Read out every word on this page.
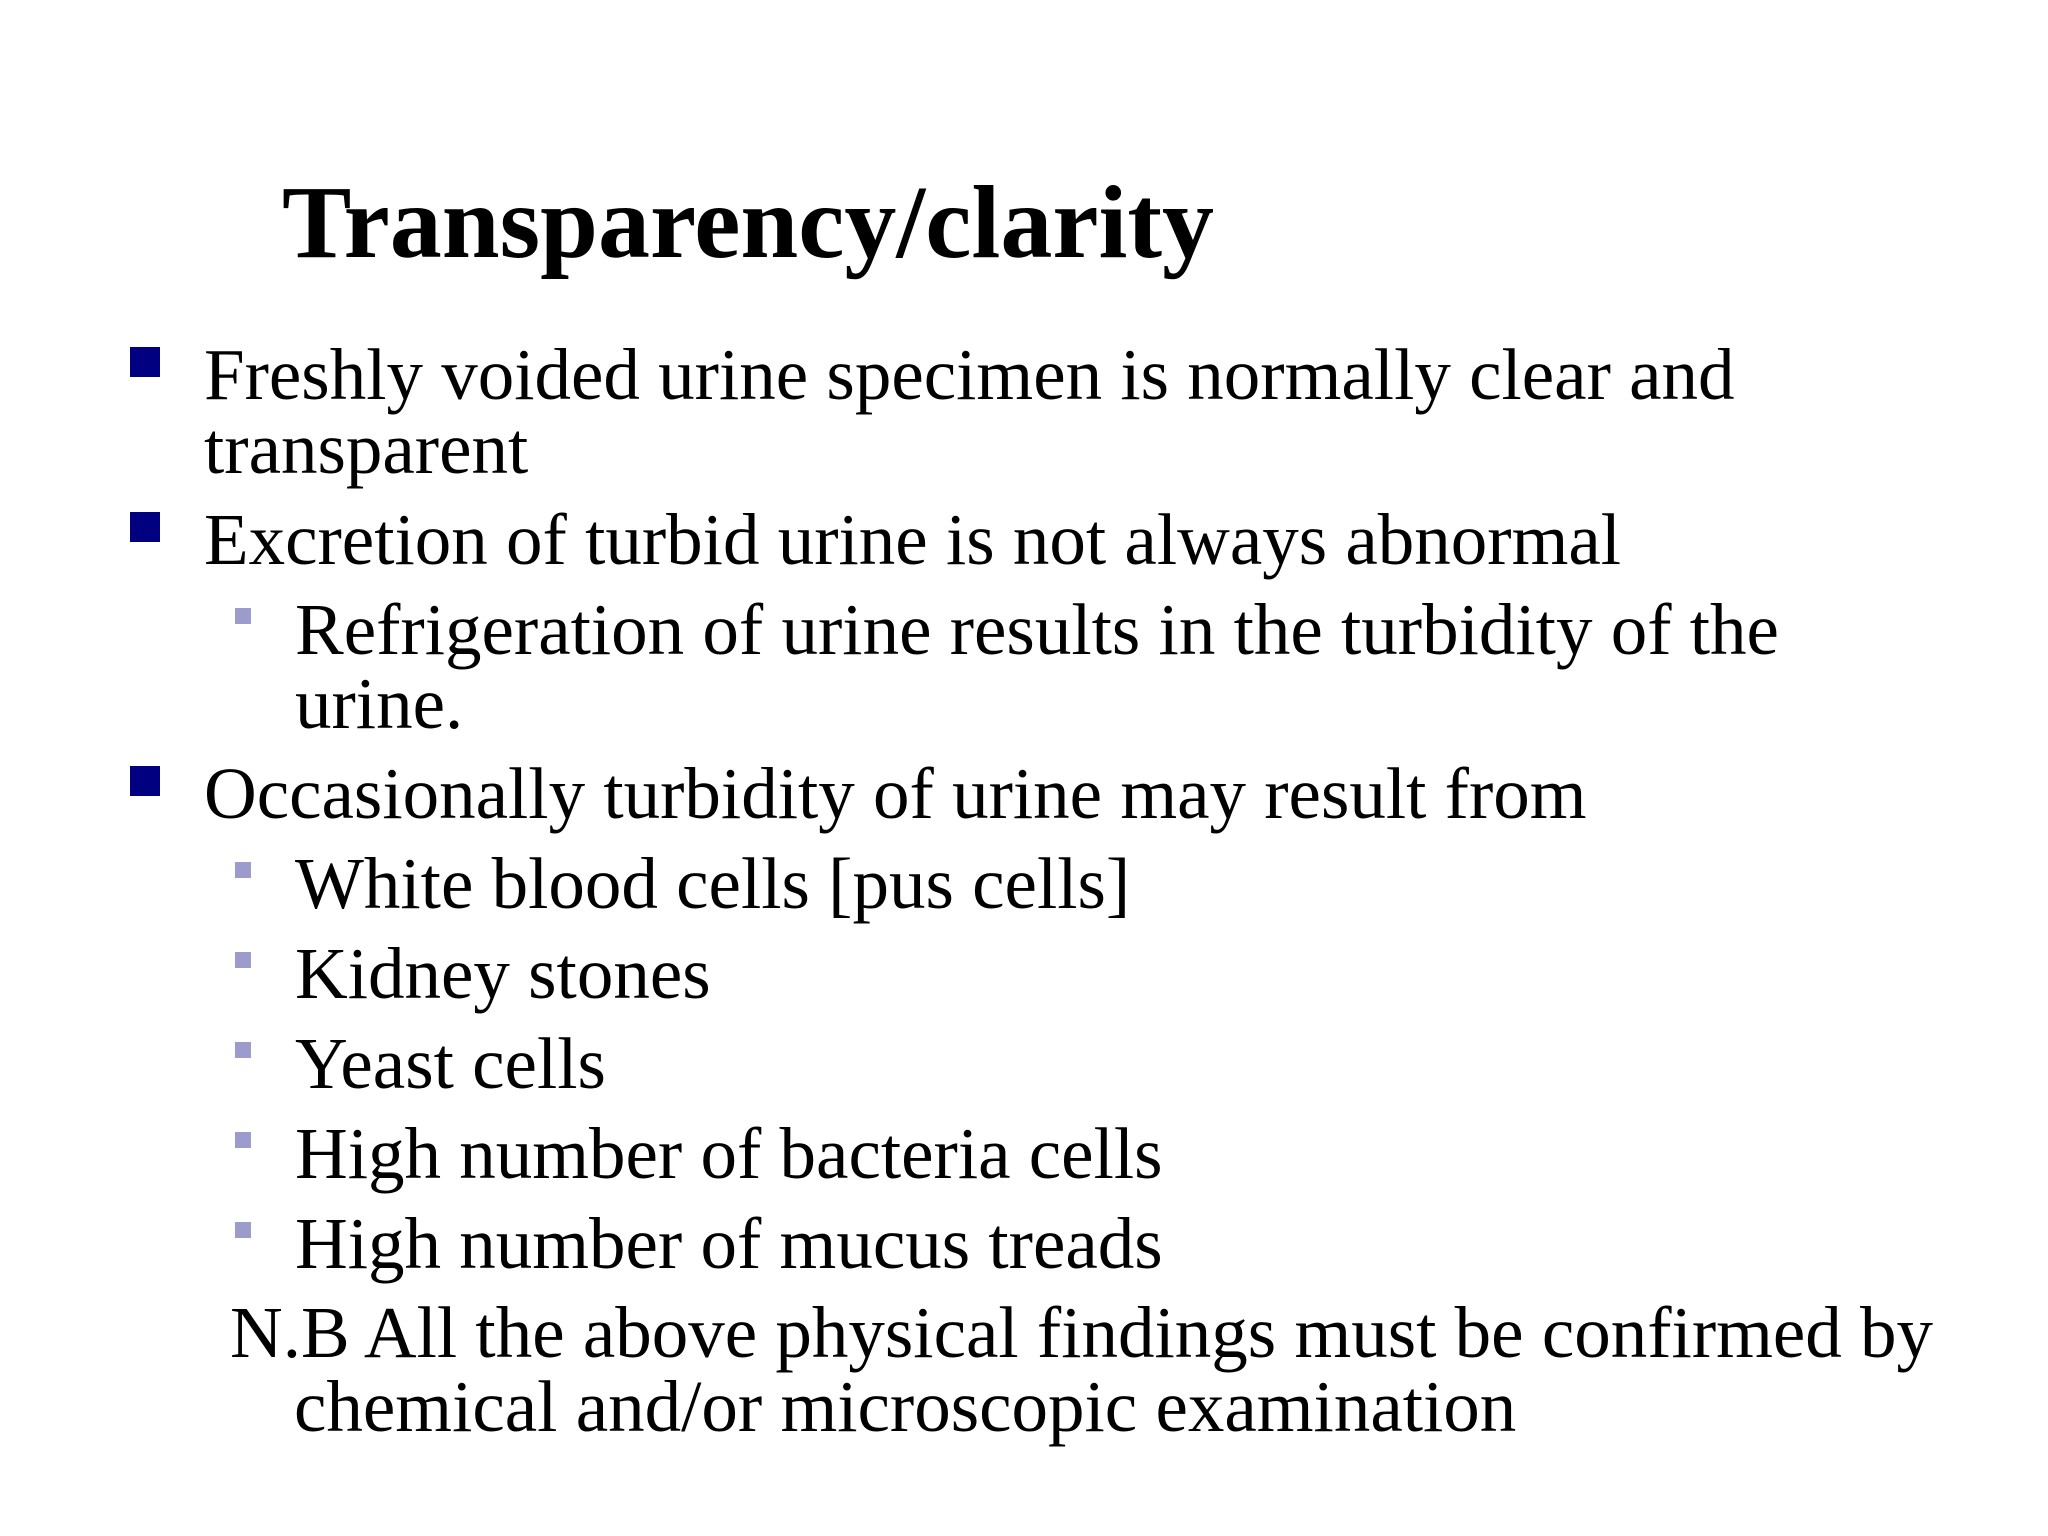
Transparency/clarity
Freshly voided urine specimen is normally clear and
transparent
Excretion of turbid urine is not always abnormal
Refrigeration of urine results in the turbidity of the
urine.
Occasionally turbidity of urine may result from
White blood cells [pus cells]
Kidney stones
Yeast cells
High number of bacteria cells
High number of mucus treads
N.B All the above physical findings must be confirmed by
chemical and/or microscopic examination
